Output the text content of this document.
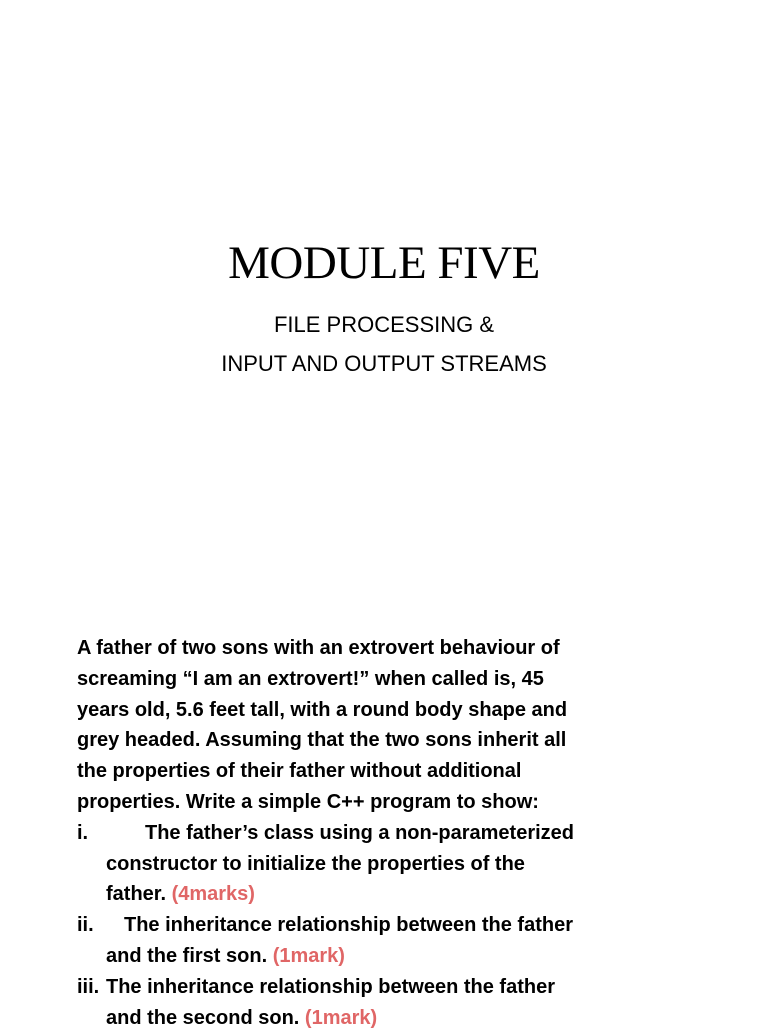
MODULE FIVE
FILE PROCESSING &
INPUT AND OUTPUT STREAMS
A father of two sons with an extrovert behaviour of
screaming “I am an extrovert!” when called is, 45
years old, 5.6 feet tall, with a round body shape and
grey headed. Assuming that the two sons inherit all
the properties of their father without additional
properties. Write a simple C++ program to show:
i.	The father’s class using a non-parameterized
constructor to initialize the properties of the
father. (4marks)
ii.	The inheritance relationship between the father
and the first son. (1mark)
iii. The inheritance relationship between the father
and the second son. (1mark)
